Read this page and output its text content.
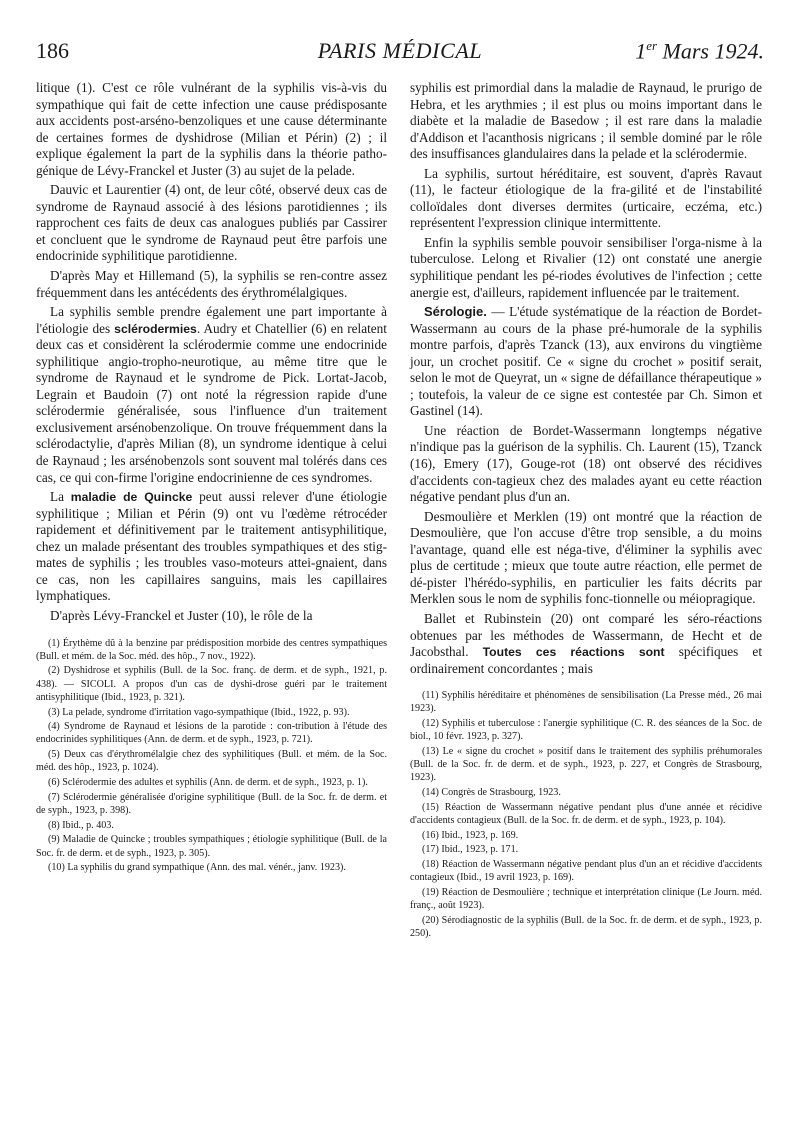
186	PARIS MÉDICAL	1er Mars 1924.

litique (1). C'est ce rôle vulnérant de la syphilis vis-à-vis du sympathique qui fait de cette infection une cause prédisposante aux accidents post-arséno-benzoliques et une cause déterminante de certaines formes de dyshidrose (Milian et Périn) (2) ; il explique également la part de la syphilis dans la théorie patho-génique de Lévy-Franckel et Juster (3) au sujet de la pelade.

Dauvic et Laurentier (4) ont, de leur côté, observé deux cas de syndrome de Raynaud associé à des lésions parotidiennes ; ils rapprochent ces faits de deux cas analogues publiés par Cassirer et concluent que le syndrome de Raynaud peut être parfois une endocrinide syphilitique parotidienne.

D'après May et Hillemand (5), la syphilis se ren-contre assez fréquemment dans les antécédents des érythromélalgiques.

La syphilis semble prendre également une part importante à l'étiologie des sclérodermies. Audry et Chatellier (6) en relatent deux cas et considèrent la sclérodermie comme une endocrinide syphilitique angio-tropho-neurotique, au même titre que le syndrome de Raynaud et le syndrome de Pick. Lortat-Jacob, Legrain et Baudoin (7) ont noté la régression rapide d'une sclérodermie généralisée, sous l'influence d'un traitement exclusivement arsénobenzolique. On trouve fréquemment dans la sclérodactylie, d'après Milian (8), un syndrome identique à celui de Raynaud ; les arsénobenzols sont souvent mal tolérés dans ces cas, ce qui con-firme l'origine endocrinienne de ces syndromes.

La maladie de Quincke peut aussi relever d'une étiologie syphilitique ; Milian et Périn (9) ont vu l'œdème rétrocéder rapidement et définitivement par le traitement antisyphilitique, chez un malade présentant des troubles sympathiques et des stig-mates de syphilis ; les troubles vaso-moteurs attei-gnaient, dans ce cas, non les capillaires sanguins, mais les capillaires lymphatiques.

D'après Lévy-Franckel et Juster (10), le rôle de la

(1) Érythème dû à la benzine par prédisposition morbide des centres sympathiques (Bull. et mém. de la Soc. méd. des hôp., 7 nov., 1922).

(2) Dyshidrose et syphilis (Bull. de la Soc. franç. de derm. et de syph., 1921, p. 438). — SICOLI. A propos d'un cas de dyshi-drose guéri par le traitement antisyphilitique (Ibid., 1923, p. 321).

(3) La pelade, syndrome d'irritation vago-sympathique (Ibid., 1922, p. 93).

(4) Syndrome de Raynaud et lésions de la parotide : con-tribution à l'étude des endocrinides syphilitiques (Ann. de derm. et de syph., 1923, p. 721).

(5) Deux cas d'érythromélalgie chez des syphilitiques (Bull. et mém. de la Soc. méd. des hôp., 1923, p. 1024).

(6) Sclérodermie des adultes et syphilis (Ann. de derm. et de syph., 1923, p. 1).

(7) Sclérodermie généralisée d'origine syphilitique (Bull. de la Soc. fr. de derm. et de syph., 1923, p. 398).

(8) Ibid., p. 403.

(9) Maladie de Quincke ; troubles sympathiques ; étiologie syphilitique (Bull. de la Soc. fr. de derm. et de syph., 1923, p. 305).

(10) La syphilis du grand sympathique (Ann. des mal. vénér., janv. 1923).

syphilis est primordial dans la maladie de Raynaud, le prurigo de Hebra, et les arythmies ; il est plus ou moins important dans le diabète et la maladie de Basedow ; il est rare dans la maladie d'Addison et l'acanthosis nigricans ; il semble dominé par le rôle des insuffisances glandulaires dans la pelade et la sclérodermie.

La syphilis, surtout héréditaire, est souvent, d'après Ravaut (11), le facteur étiologique de la fra-gilité et de l'instabilité colloïdales dont diverses dermites (urticaire, eczéma, etc.) représentent l'expression clinique intermittente.

Enfin la syphilis semble pouvoir sensibiliser l'orga-nisme à la tuberculose. Lelong et Rivalier (12) ont constaté une anergie syphilitique pendant les pé-riodes évolutives de l'infection ; cette anergie est, d'ailleurs, rapidement influencée par le traitement.

Sérologie. — L'étude systématique de la réaction de Bordet-Wassermann au cours de la phase pré-humorale de la syphilis montre parfois, d'après Tzanck (13), aux environs du vingtième jour, un crochet positif. Ce « signe du crochet » positif serait, selon le mot de Queyrat, un « signe de défaillance thérapeutique » ; toutefois, la valeur de ce signe est contestée par Ch. Simon et Gastinel (14).

Une réaction de Bordet-Wassermann longtemps négative n'indique pas la guérison de la syphilis. Ch. Laurent (15), Tzanck (16), Emery (17), Gouge-rot (18) ont observé des récidives d'accidents con-tagieux chez des malades ayant eu cette réaction négative pendant plus d'un an.

Desmoulière et Merklen (19) ont montré que la réaction de Desmoulière, que l'on accuse d'être trop sensible, a du moins l'avantage, quand elle est néga-tive, d'éliminer la syphilis avec plus de certitude ; mieux que toute autre réaction, elle permet de dé-pister l'hérédo-syphilis, en particulier les faits décrits par Merklen sous le nom de syphilis fonc-tionnelle ou méiopragique.

Ballet et Rubinstein (20) ont comparé les séro-réactions obtenues par les méthodes de Wassermann, de Hecht et de Jacobsthal. Toutes ces réactions sont spécifiques et ordinairement concordantes ; mais

(11) Syphilis héréditaire et phénomènes de sensibilisation (La Presse méd., 26 mai 1923).

(12) Syphilis et tuberculose : l'anergie syphilitique (C. R. des séances de la Soc. de biol., 10 févr. 1923, p. 327).

(13) Le « signe du crochet » positif dans le traitement des syphilis préhumorales (Bull. de la Soc. fr. de derm. et de syph., 1923, p. 227, et Congrès de Strasbourg, 1923).

(14) Congrès de Strasbourg, 1923.

(15) Réaction de Wassermann négative pendant plus d'une année et récidive d'accidents contagieux (Bull. de la Soc. fr. de derm. et de syph., 1923, p. 104).

(16) Ibid., 1923, p. 169.

(17) Ibid., 1923, p. 171.

(18) Réaction de Wassermann négative pendant plus d'un an et récidive d'accidents contagieux (Ibid., 19 avril 1923, p. 169).

(19) Réaction de Desmoulière ; technique et interprétation clinique (Le Journ. méd. franç., août 1923).

(20) Sérodiagnostic de la syphilis (Bull. de la Soc. fr. de derm. et de syph., 1923, p. 250).
